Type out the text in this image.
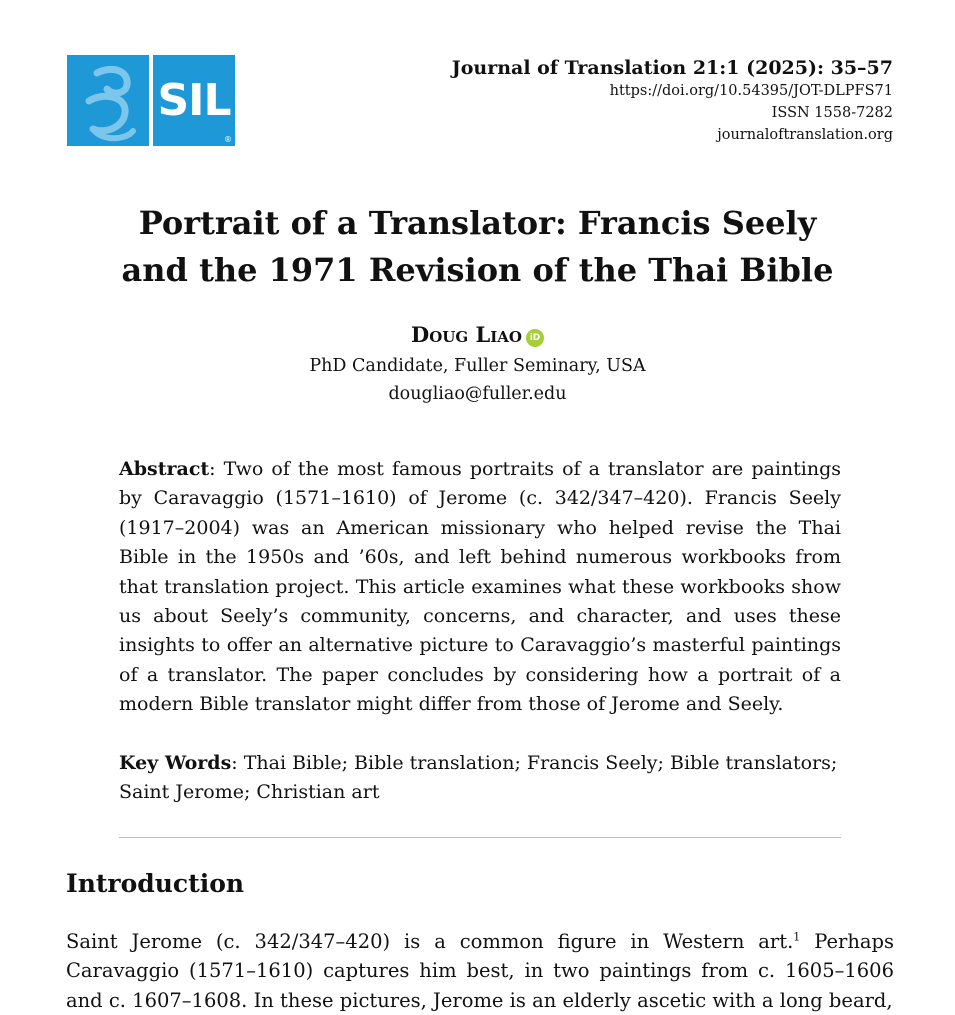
SIL
®
Journal of Translation 21:1 (2025): 35–57
https://doi.org/10.54395/JOT-DLPFS71
ISSN 1558-7282
journaloftranslation.org
Portrait of a Translator: Francis Seely
and the 1971 Revision of the Thai Bible
Doug Liao iD
PhD Candidate, Fuller Seminary, USA
dougliao@fuller.edu
Abstract: Two of the most famous portraits of a translator are paintings by Caravaggio (1571–1610) of Jerome (c. 342/347–420). Francis Seely (1917–2004) was an American missionary who helped revise the Thai Bible in the 1950s and ’60s, and left behind numerous workbooks from that translation project. This article examines what these workbooks show us about Seely’s community, concerns, and character, and uses these insights to offer an alternative picture to Caravaggio’s masterful paintings of a translator. The paper concludes by considering how a portrait of a modern Bible translator might differ from those of Jerome and Seely.
Key Words: Thai Bible; Bible translation; Francis Seely; Bible translators; Saint Jerome; Christian art
Introduction
Saint Jerome (c. 342/347–420) is a common figure in Western art.$^1$ Perhaps Caravaggio (1571–1610) captures him best, in two paintings from c. 1605–1606 and c. 1607–1608. In these pictures, Jerome is an elderly ascetic with a long beard,
